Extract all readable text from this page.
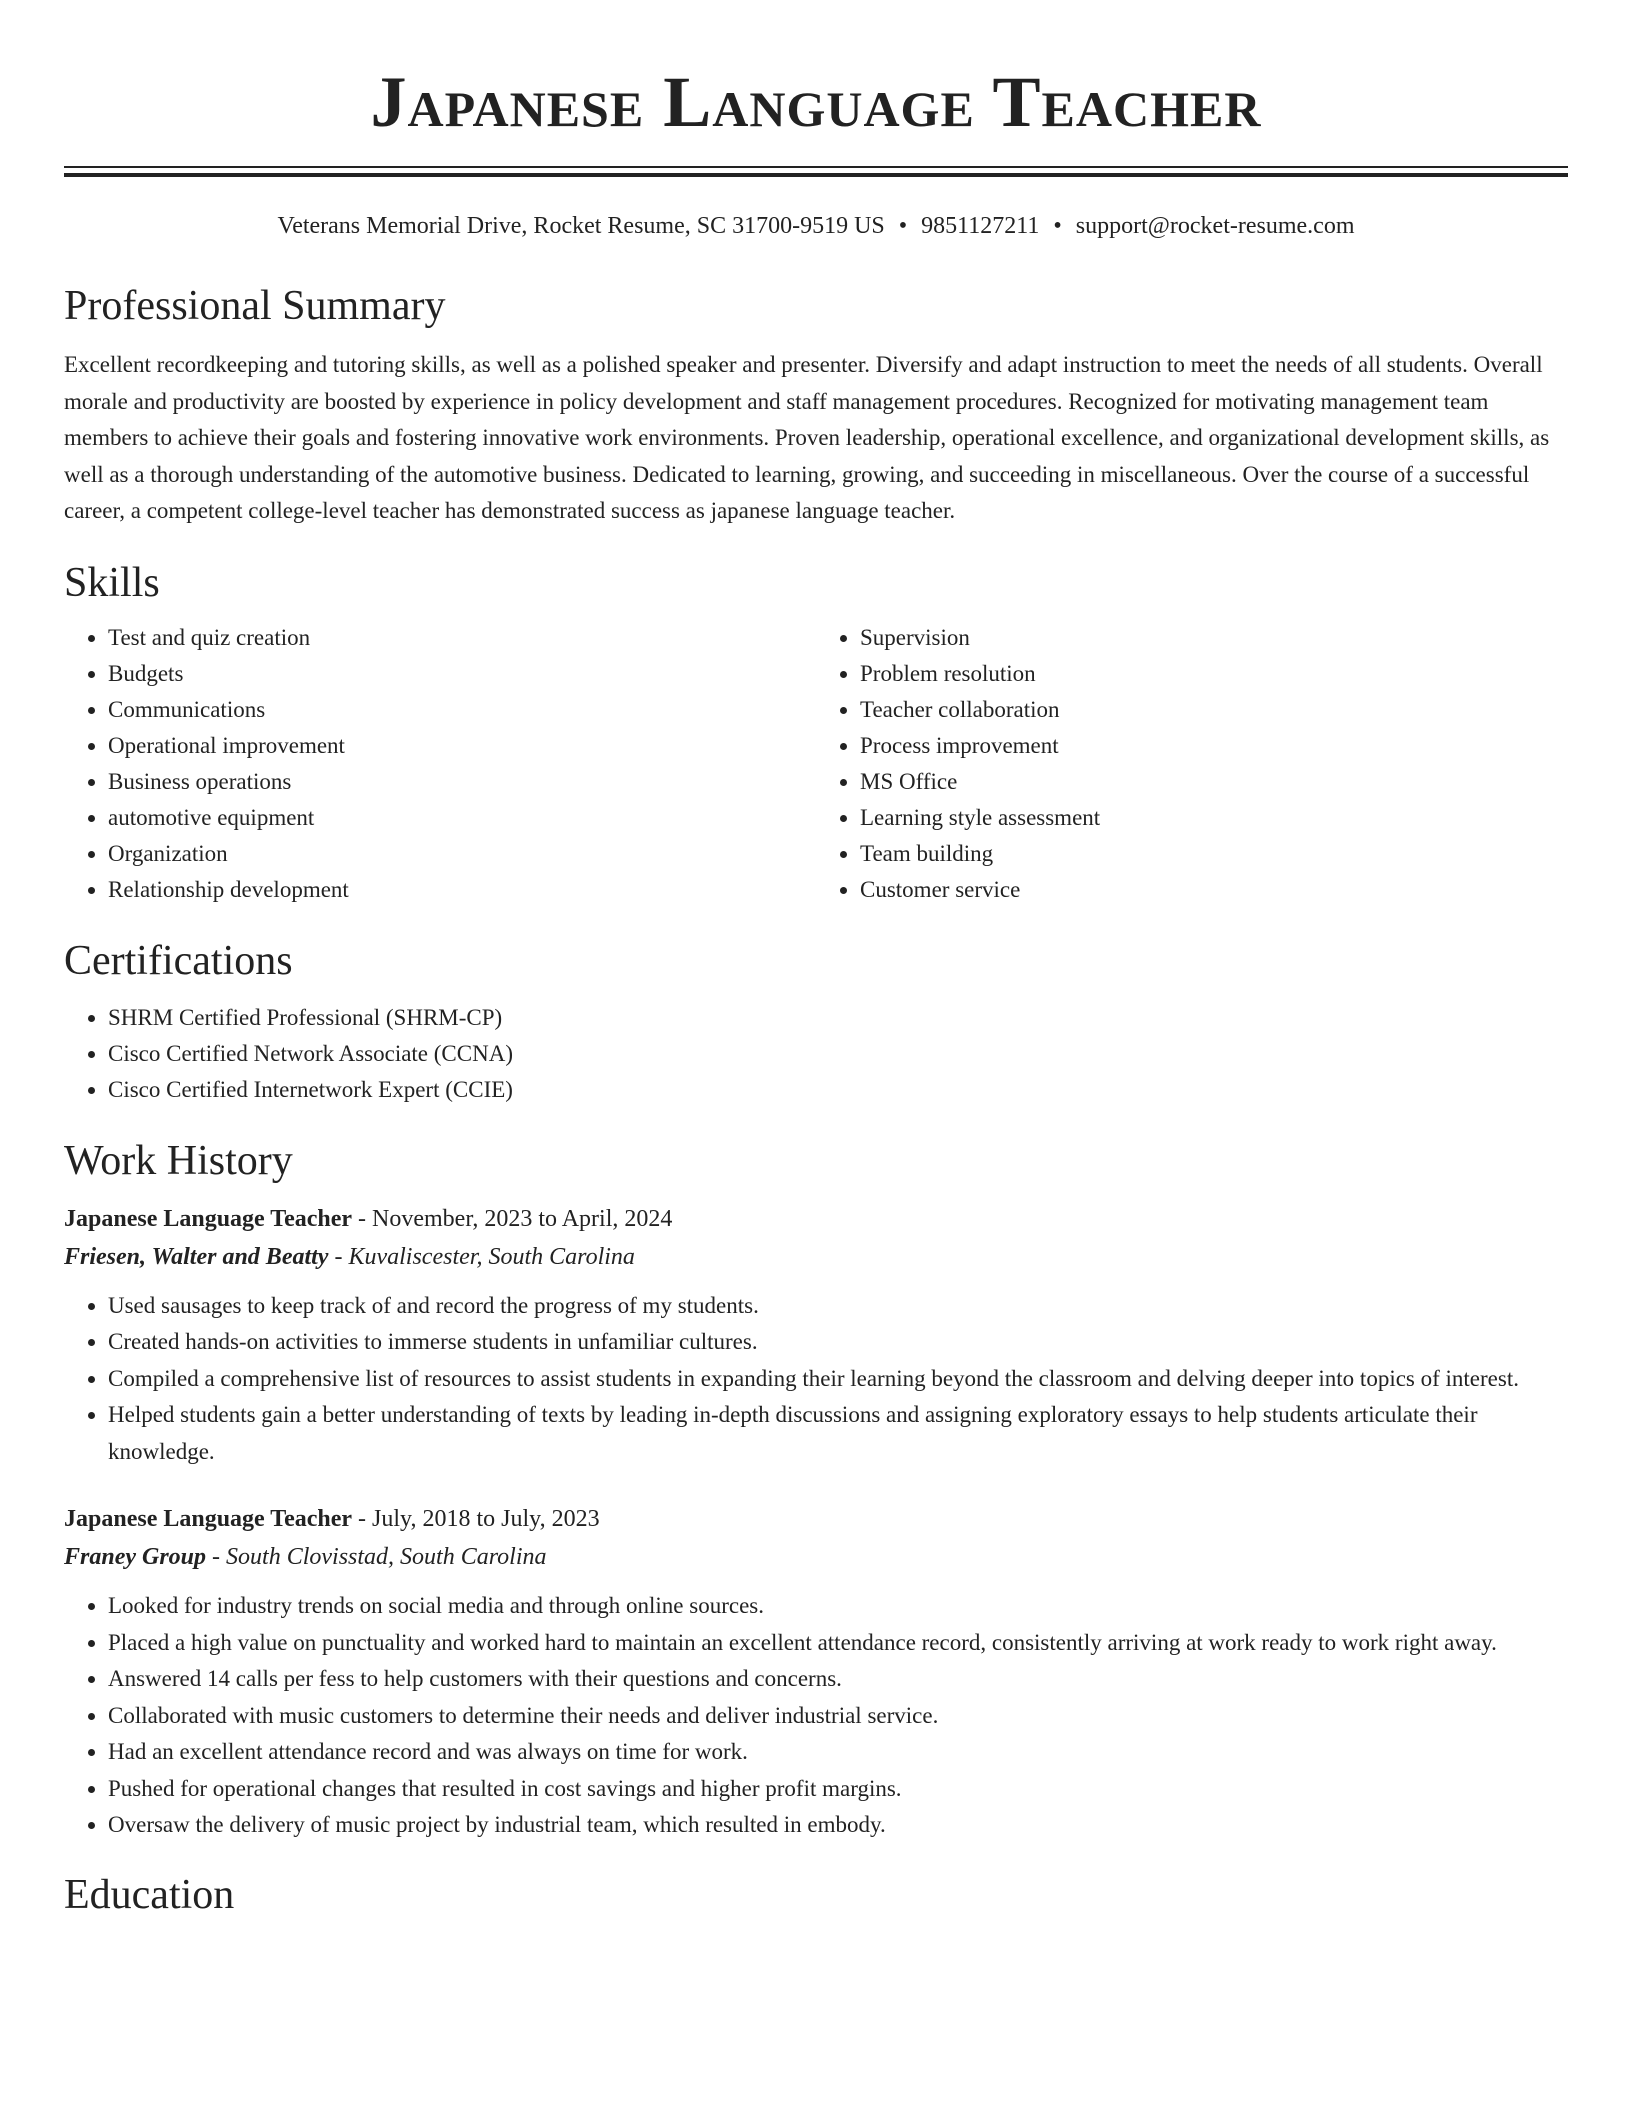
Japanese Language Teacher
Veterans Memorial Drive, Rocket Resume, SC 31700-9519 US • 9851127211 • support@rocket-resume.com
Professional Summary

Excellent recordkeeping and tutoring skills, as well as a polished speaker and presenter. Diversify and adapt instruction to meet the needs of all students. Overall morale and productivity are boosted by experience in policy development and staff management procedures. Recognized for motivating management team members to achieve their goals and fostering innovative work environments. Proven leadership, operational excellence, and organizational development skills, as well as a thorough understanding of the automotive business. Dedicated to learning, growing, and succeeding in miscellaneous. Over the course of a successful career, a competent college-level teacher has demonstrated success as japanese language teacher.

Skills
• Test and quiz creation
• Budgets
• Communications
• Operational improvement
• Business operations
• automotive equipment
• Organization
• Relationship development
• Supervision
• Problem resolution
• Teacher collaboration
• Process improvement
• MS Office
• Learning style assessment
• Team building
• Customer service
Certifications
• SHRM Certified Professional (SHRM-CP)
• Cisco Certified Network Associate (CCNA)
• Cisco Certified Internetwork Expert (CCIE)
Work History
Japanese Language Teacher - November, 2023 to April, 2024
Friesen, Walter and Beatty - Kuvaliscester, South Carolina
• Used sausages to keep track of and record the progress of my students.
• Created hands-on activities to immerse students in unfamiliar cultures.
• Compiled a comprehensive list of resources to assist students in expanding their learning beyond the classroom and delving deeper into topics of interest.
• Helped students gain a better understanding of texts by leading in-depth discussions and assigning exploratory essays to help students articulate their knowledge.
Japanese Language Teacher - July, 2018 to July, 2023
Franey Group - South Clovisstad, South Carolina
• Looked for industry trends on social media and through online sources.
• Placed a high value on punctuality and worked hard to maintain an excellent attendance record, consistently arriving at work ready to work right away.
• Answered 14 calls per fess to help customers with their questions and concerns.
• Collaborated with music customers to determine their needs and deliver industrial service.
• Had an excellent attendance record and was always on time for work.
• Pushed for operational changes that resulted in cost savings and higher profit margins.
• Oversaw the delivery of music project by industrial team, which resulted in embody.
Education
